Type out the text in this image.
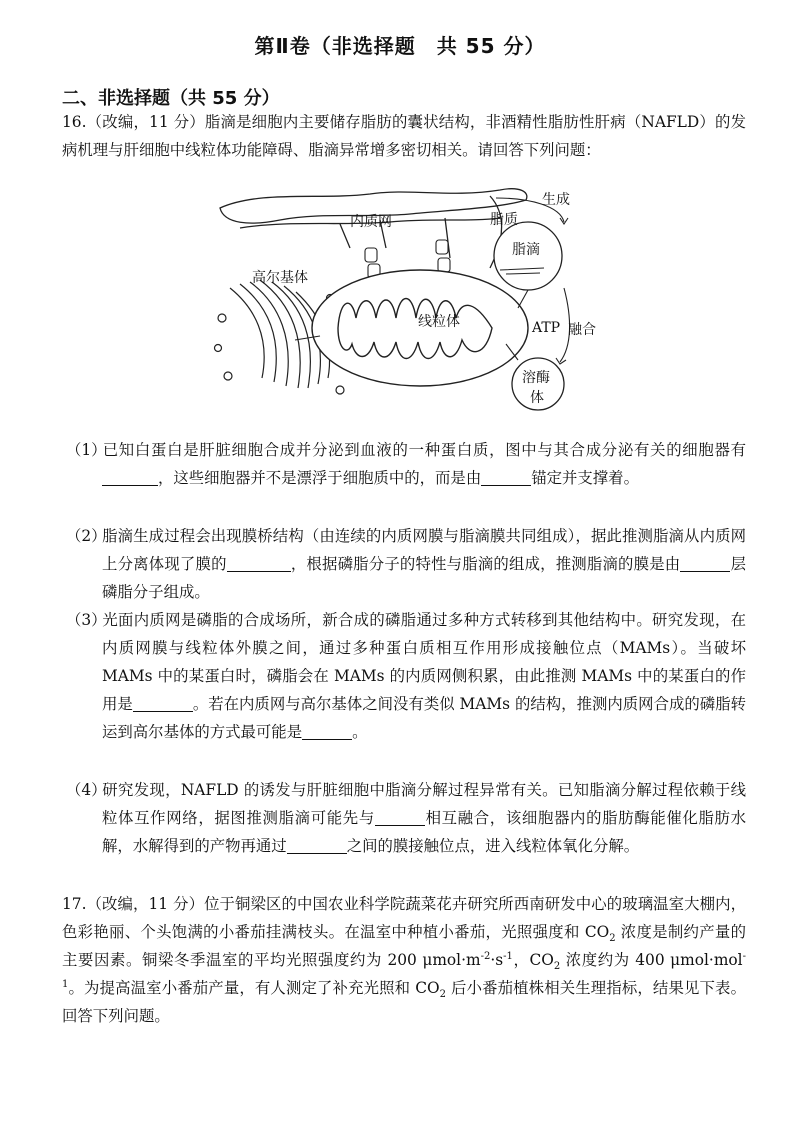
第Ⅱ卷（非选择题　共 55 分）
二、非选择题（共 55 分）

16.（改编，11 分）脂滴是细胞内主要储存脂肪的囊状结构，非酒精性脂肪性肝病（NAFLD）的发病机理与肝细胞中线粒体功能障碍、脂滴异常增多密切相关。请回答下列问题：

内质网	脂质
生成
脂滴
高尔基体
线粒体	ATP 融合
溶酶
体

（1）已知白蛋白是肝脏细胞合成并分泌到血液的一种蛋白质，图中与其合成分泌有关的细胞器有，这些细胞器并不是漂浮于细胞质中的，而是由	锚定并支撑着。

（2）脂滴生成过程会出现膜桥结构（由连续的内质网膜与脂滴膜共同组成），据此推测脂滴从内质网上分离体现了膜的	，根据磷脂分子的特性与脂滴的组成，推测脂滴的膜是由	层磷脂分子组成。

（3）光面内质网是磷脂的合成场所，新合成的磷脂通过多种方式转移到其他结构中。研究发现，在内质网膜与线粒体外膜之间，通过多种蛋白质相互作用形成接触位点（MAMs）。当破坏 MAMs 中的某蛋白时，磷脂会在 MAMs 的内质网侧积累，由此推测 MAMs 中的某蛋白的作用是	。若在内质网与高尔基体之间没有类似 MAMs 的结构，推测内质网合成的磷脂转运到高尔基体的方式最可能是	。

（4）研究发现，NAFLD 的诱发与肝脏细胞中脂滴分解过程异常有关。已知脂滴分解过程依赖于线粒体互作网络，据图推测脂滴可能先与	相互融合，该细胞器内的脂肪酶能催化脂肪水解，水解得到的产物再通过	之间的膜接触位点，进入线粒体氧化分解。

17.（改编，11 分）位于铜梁区的中国农业科学院蔬菜花卉研究所西南研发中心的玻璃温室大棚内，色彩艳丽、个头饱满的小番茄挂满枝头。在温室中种植小番茄，光照强度和 $CO_2$ 浓度是制约产量的主要因素。铜梁冬季温室的平均光照强度约为 200 $\mu mol\cdot m^{-2}\cdot s^{-1}$，$CO_2$ 浓度约为 400 μmol·mol$^{-1}$。为提高温室小番茄产量，有人测定了补充光照和 $CO_2$ 后小番茄植株相关生理指标，结果见下表。回答下列问题。
